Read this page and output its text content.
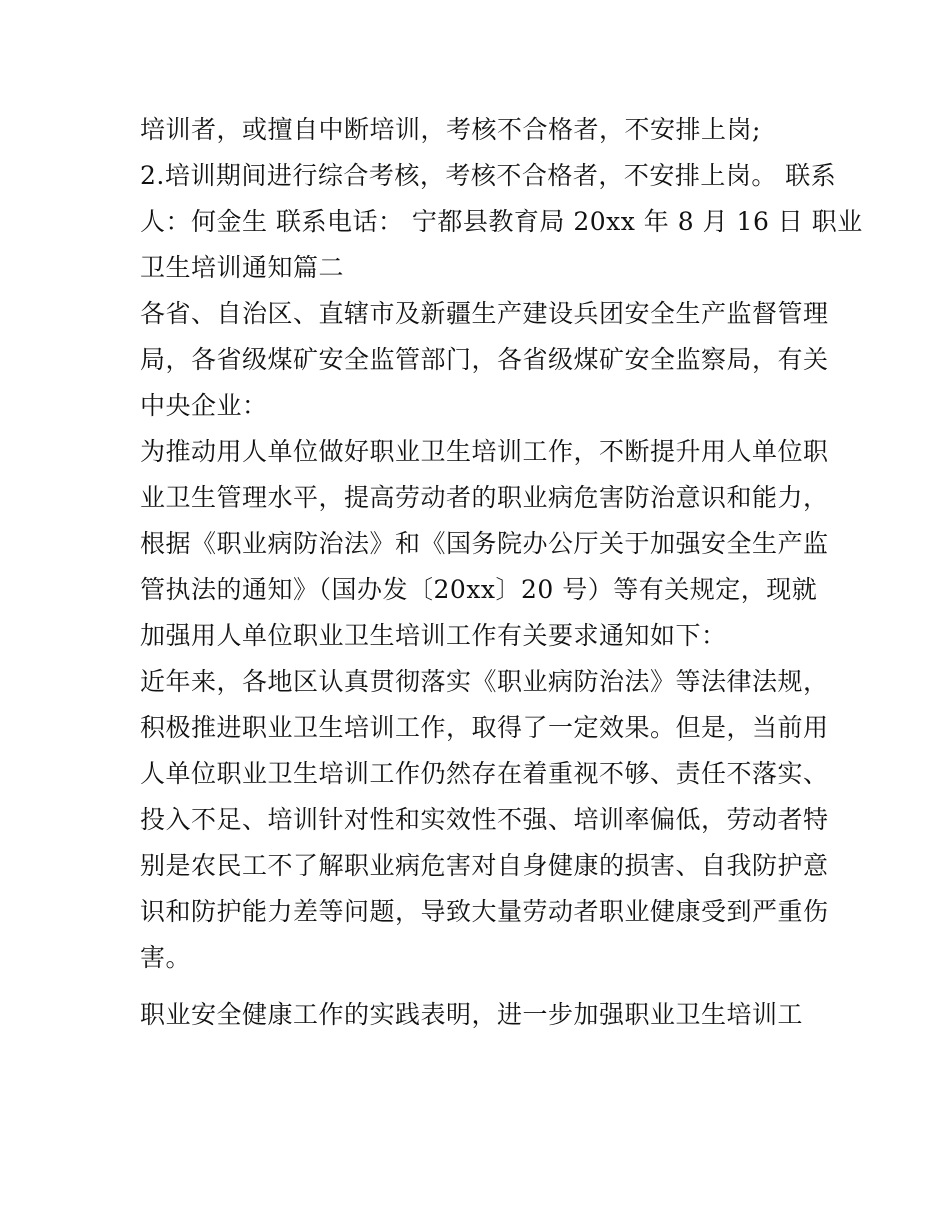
培训者，或擅自中断培训，考核不合格者，不安排上岗;
2.培训期间进行综合考核，考核不合格者，不安排上岗。 联系
人：何金生 联系电话： 宁都县教育局 20xx 年 8 月 16 日 职业
卫生培训通知篇二
各省、自治区、直辖市及新疆生产建设兵团安全生产监督管理
局，各省级煤矿安全监管部门，各省级煤矿安全监察局，有关
中央企业：
为推动用人单位做好职业卫生培训工作，不断提升用人单位职
业卫生管理水平，提高劳动者的职业病危害防治意识和能力，
根据《职业病防治法》和《国务院办公厅关于加强安全生产监
管执法的通知》（国办发〔20xx〕20 号）等有关规定，现就
加强用人单位职业卫生培训工作有关要求通知如下：
近年来，各地区认真贯彻落实《职业病防治法》等法律法规，
积极推进职业卫生培训工作，取得了一定效果。但是，当前用
人单位职业卫生培训工作仍然存在着重视不够、责任不落实、
投入不足、培训针对性和实效性不强、培训率偏低，劳动者特
别是农民工不了解职业病危害对自身健康的损害、自我防护意
识和防护能力差等问题，导致大量劳动者职业健康受到严重伤
害。
职业安全健康工作的实践表明，进一步加强职业卫生培训工
